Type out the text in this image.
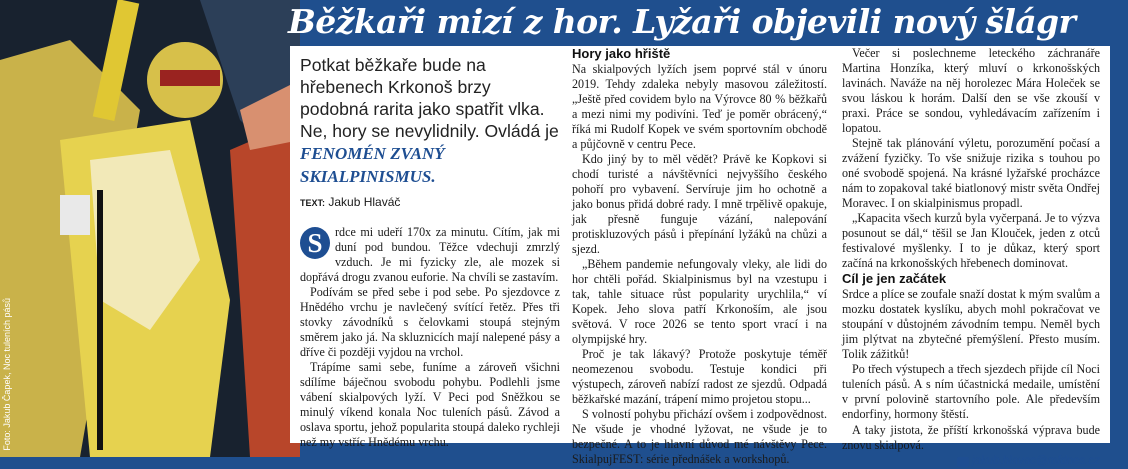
Foto: Jakub Čapek, Noc tuleních pásů
Běžkaři mizí z hor. Lyžaři objevili nový šlágr
Potkat běžkaře bude na hřebenech Krkonoš brzy podobná rarita jako spatřit vlka. Ne, hory se nevylidnily. Ovládá je FENOMÉN ZVANÝ SKIALPINISMUS.
TEXT: Jakub Hlaváč

S	rdce mi udeří 170x za minutu. Cítím, jak mi duní pod bundou. Těžce vdechuji zmrzlý vzduch. Je mi fyzicky zle, ale mozek si dopřává drogu zvanou euforie. Na chvíli se zastavím.

Podívám se před sebe i pod sebe. Po sjezdovce z Hnědého vrchu je navlečený svítící řetěz. Přes tři stovky závodníků s čelovkami stoupá stejným směrem jako já. Na skluznicích mají nalepené pásy a dříve či později vyjdou na vrchol.

Trápíme sami sebe, funíme a zároveň všichni sdílíme báječnou svobodu pohybu. Podlehli jsme vábení skialpových lyží. V Peci pod Sněžkou se minulý víkend konala Noc tuleních pásů. Závod a oslava sportu, jehož popularita stoupá daleko rychleji než my vstříc Hnědému vrchu.

Hory jako hřiště

Na skialpových lyžích jsem poprvé stál v únoru 2019. Tehdy zdaleka nebyly masovou záležitostí. „Ještě před covidem bylo na Výrovce 80 % běžkařů a mezi nimi my podivíni. Teď je poměr obrácený,“ říká mi Rudolf Kopek ve svém sportovním obchodě a půjčovně v centru Pece.

Kdo jiný by to měl vědět? Právě ke Kopkovi si chodí turisté a návštěvníci nejvyššího českého pohoří pro vybavení. Servíruje jim ho ochotně a jako bonus přidá dobré rady. I mně trpělivě opakuje, jak přesně funguje vázání, nalepování protiskluzových pásů i přepínání lyžáků na chůzi a sjezd.

„Během pandemie nefungovaly vleky, ale lidi do hor chtěli pořád. Skialpinismus byl na vzestupu i tak, tahle situace růst popularity urychlila,“ ví Kopek. Jeho slova patří Krkonoším, ale jsou světová. V roce 2026 se tento sport vrací i na olympijské hry.

Proč je tak lákavý? Protože poskytuje téměř neomezenou svobodu. Testuje kondici při výstupech, zároveň nabízí radost ze sjezdů. Odpadá běžkařské mazání, trápení mimo projetou stopu...

S volností pohybu přichází ovšem i zodpovědnost. Ne všude je vhodné lyžovat, ne všude je to bezpečné. A to je hlavní důvod mé návštěvy Pece. SkialpujFEST: série přednášek a workshopů.

Večer si poslechneme leteckého záchranáře Martina Honzíka, který mluví o krkonošských lavinách. Naváže na něj horolezec Mára Holeček se svou láskou k horám. Další den se vše zkouší v praxi. Práce se sondou, vyhledávacím zařízením i lopatou.

Stejně tak plánování výletu, porozumění počasí a zvážení fyzičky. To vše snižuje rizika s touhou po oné svobodě spojená. Na krásné lyžařské procházce nám to zopakoval také biatlonový mistr světa Ondřej Moravec. I on skialpinismus propadl.

„Kapacita všech kurzů byla vyčerpaná. Je to výzva posunout se dál,“ těšil se Jan Klouček, jeden z otců festivalové myšlenky. I to je důkaz, který sport začíná na krkonošských hřebenech dominovat.

Cíl je jen začátek

Srdce a plíce se zoufale snaží dostat k mým svalům a mozku dostatek kyslíku, abych mohl pokračovat ve stoupání v důstojném závodním tempu. Neměl bych jim plýtvat na zbytečné přemýšlení. Přesto musím. Tolik zážitků!

Po třech výstupech a třech sjezdech přijde cíl Noci tuleních pásů. A s ním účastnická medaile, umístění v první polovině startovního pole. Ale především endorfiny, hormony štěstí.

A taky jistota, že příští krkonošská výprava bude znovu skialpová.

jakub.hlavac@mfdnes.cz
